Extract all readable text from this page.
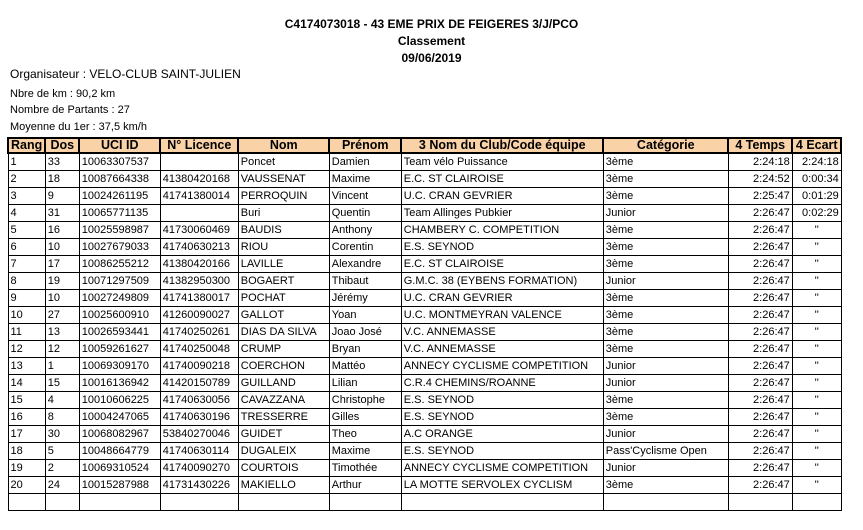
C4174073018 - 43 EME PRIX DE FEIGERES 3/J/PCO
Classement
09/06/2019
Organisateur : VELO-CLUB SAINT-JULIEN
Nbre de km : 90,2 km
Nombre de Partants : 27
Moyenne du 1er : 37,5 km/h
Rang	Dos	UCI ID	N° Licence	Nom	Prénom	3 Nom du Club/Code équipe	Catégorie	4 Temps	4 Ecart
1	33	10063307537		Poncet	Damien	Team vélo Puissance	3ème	2:24:18	2:24:18
2	18	10087664338	41380420168	VAUSSENAT	Maxime	E.C. ST CLAIROISE	3ème	2:24:52	0:00:34
3	9	10024261195	41741380014	PERROQUIN	Vincent	U.C. CRAN GEVRIER	3ème	2:25:47	0:01:29
4	31	10065771135		Buri	Quentin	Team Allinges Pubkier	Junior	2:26:47	0:02:29
5	16	10025598987	41730060469	BAUDIS	Anthony	CHAMBERY C. COMPETITION	3ème	2:26:47	''
6	10	10027679033	41740630213	RIOU	Corentin	E.S. SEYNOD	3ème	2:26:47	''
7	17	10086255212	41380420166	LAVILLE	Alexandre	E.C. ST CLAIROISE	3ème	2:26:47	''
8	19	10071297509	41382950300	BOGAERT	Thibaut	G.M.C. 38 (EYBENS FORMATION)	Junior	2:26:47	''
9	10	10027249809	41741380017	POCHAT	Jérémy	U.C. CRAN GEVRIER	3ème	2:26:47	''
10	27	10025600910	41260090027	GALLOT	Yoan	U.C. MONTMEYRAN VALENCE	3ème	2:26:47	''
11	13	10026593441	41740250261	DIAS DA SILVA	Joao José	V.C. ANNEMASSE	3ème	2:26:47	''
12	12	10059261627	41740250048	CRUMP	Bryan	V.C. ANNEMASSE	3ème	2:26:47	''
13	1	10069309170	41740090218	COERCHON	Mattéo	ANNECY CYCLISME COMPETITION	Junior	2:26:47	''
14	15	10016136942	41420150789	GUILLAND	Lilian	C.R.4 CHEMINS/ROANNE	Junior	2:26:47	''
15	4	10010606225	41740630056	CAVAZZANA	Christophe	E.S. SEYNOD	3ème	2:26:47	''
16	8	10004247065	41740630196	TRESSERRE	Gilles	E.S. SEYNOD	3ème	2:26:47	''
17	30	10068082967	53840270046	GUIDET	Theo	A.C ORANGE	Junior	2:26:47	''
18	5	10048664779	41740630114	DUGALEIX	Maxime	E.S. SEYNOD	Pass'Cyclisme Open	2:26:47	''
19	2	10069310524	41740090270	COURTOIS	Timothée	ANNECY CYCLISME COMPETITION	Junior	2:26:47	''
20	24	10015287988	41731430226	MAKIELLO	Arthur	LA MOTTE SERVOLEX CYCLISM	3ème	2:26:47	''
